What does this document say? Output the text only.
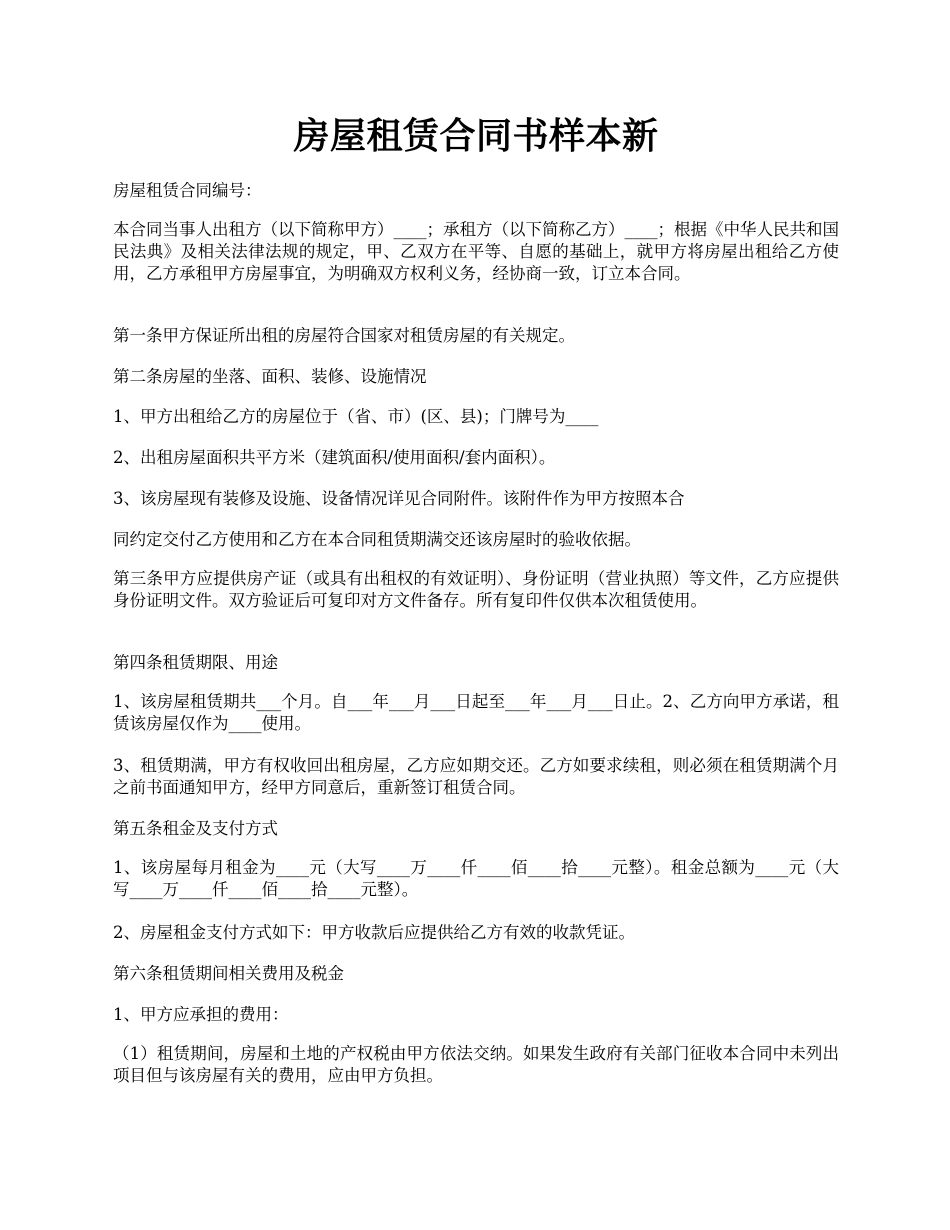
房屋租赁合同书样本新

房屋租赁合同编号：

本合同当事人出租方（以下简称甲方）____；承租方（以下简称乙方）____；根据《中华人民共和国民法典》及相关法律法规的规定，甲、乙双方在平等、自愿的基础上，就甲方将房屋出租给乙方使用，乙方承租甲方房屋事宜，为明确双方权利义务，经协商一致，订立本合同。

第一条甲方保证所出租的房屋符合国家对租赁房屋的有关规定。

第二条房屋的坐落、面积、装修、设施情况

1、甲方出租给乙方的房屋位于（省、市）(区、县)；门牌号为____

2、出租房屋面积共平方米（建筑面积/使用面积/套内面积）。

3、该房屋现有装修及设施、设备情况详见合同附件。该附件作为甲方按照本合

同约定交付乙方使用和乙方在本合同租赁期满交还该房屋时的验收依据。

第三条甲方应提供房产证（或具有出租权的有效证明）、身份证明（营业执照）等文件，乙方应提供身份证明文件。双方验证后可复印对方文件备存。所有复印件仅供本次租赁使用。

第四条租赁期限、用途

1、该房屋租赁期共___个月。自___年___月___日起至___年___月___日止。2、乙方向甲方承诺，租赁该房屋仅作为____使用。

3、租赁期满，甲方有权收回出租房屋，乙方应如期交还。乙方如要求续租，则必须在租赁期满个月之前书面通知甲方，经甲方同意后，重新签订租赁合同。

第五条租金及支付方式

1、该房屋每月租金为____元（大写____万____仟____佰____拾____元整）。租金总额为____元（大写____万____仟____佰____拾____元整）。

2、房屋租金支付方式如下：甲方收款后应提供给乙方有效的收款凭证。

第六条租赁期间相关费用及税金

1、甲方应承担的费用：

（1）租赁期间，房屋和土地的产权税由甲方依法交纳。如果发生政府有关部门征收本合同中未列出项目但与该房屋有关的费用，应由甲方负担。
